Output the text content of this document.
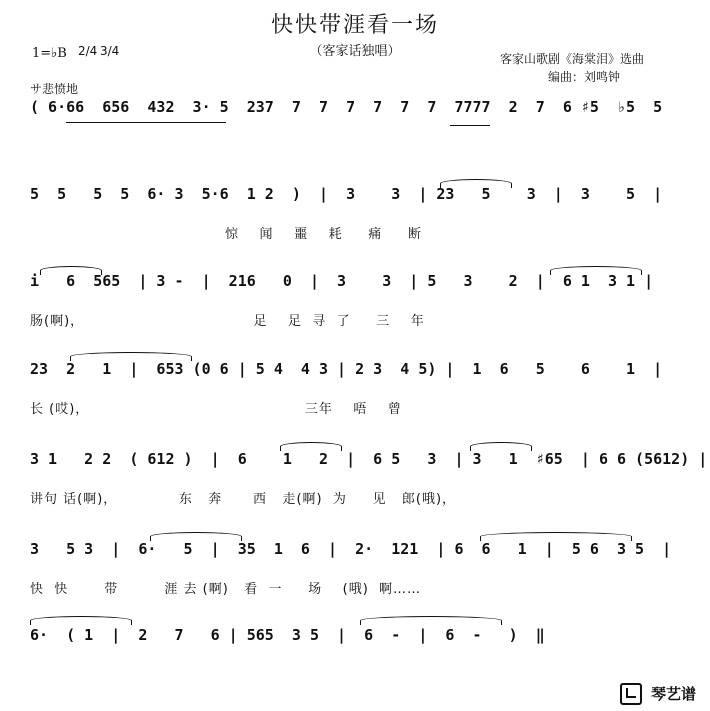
快快带涯看一场
（客家话独唱）
1=♭B 2/4 3/4
サ悲愤地
客家山歌剧《海棠泪》选曲
编曲：刘鸣钟
( 6·66  656  432  3· 5  237  7  7  7  7  7  7  7777  2  7  6 ♯5  ♭5  5
5  5   5  5  6· 3  5·6  1 2  )  |  3    3  | 23   5    3  |  3    5  |
惊    闻    噩    耗     痛     断
i   6  565  | 3 -  |  216   0  |  3    3  | 5   3    2  |  6 1  3 1 |
肠(啊)，                                 足    足  寻  了     三    年
23  2   1  |  653 (0 6 | 5 4  4 3 | 2 3  4 5) |  1  6   5    6    1  |
长 (哎)，                                          三年    唔    曾
3 1   2 2  ( 612 )  |  6    1   2  |  6 5   3  | 3   1  ♯65  | 6 6 (5612) |
讲句 话(啊)，            东   奔      西   走(啊)  为     见   郎(哦)，
3   5 3  |  6·   5  |  35  1  6  |  2·  121  | 6  6   1  |  5 6  3 5  |
快  快       带         涯 去 (啊)   看  一     场    (哦)  啊……
6·  ( 1  |  2   7   6 | 565  3 5  |  6  -  |  6  -   )  ‖
琴艺谱
